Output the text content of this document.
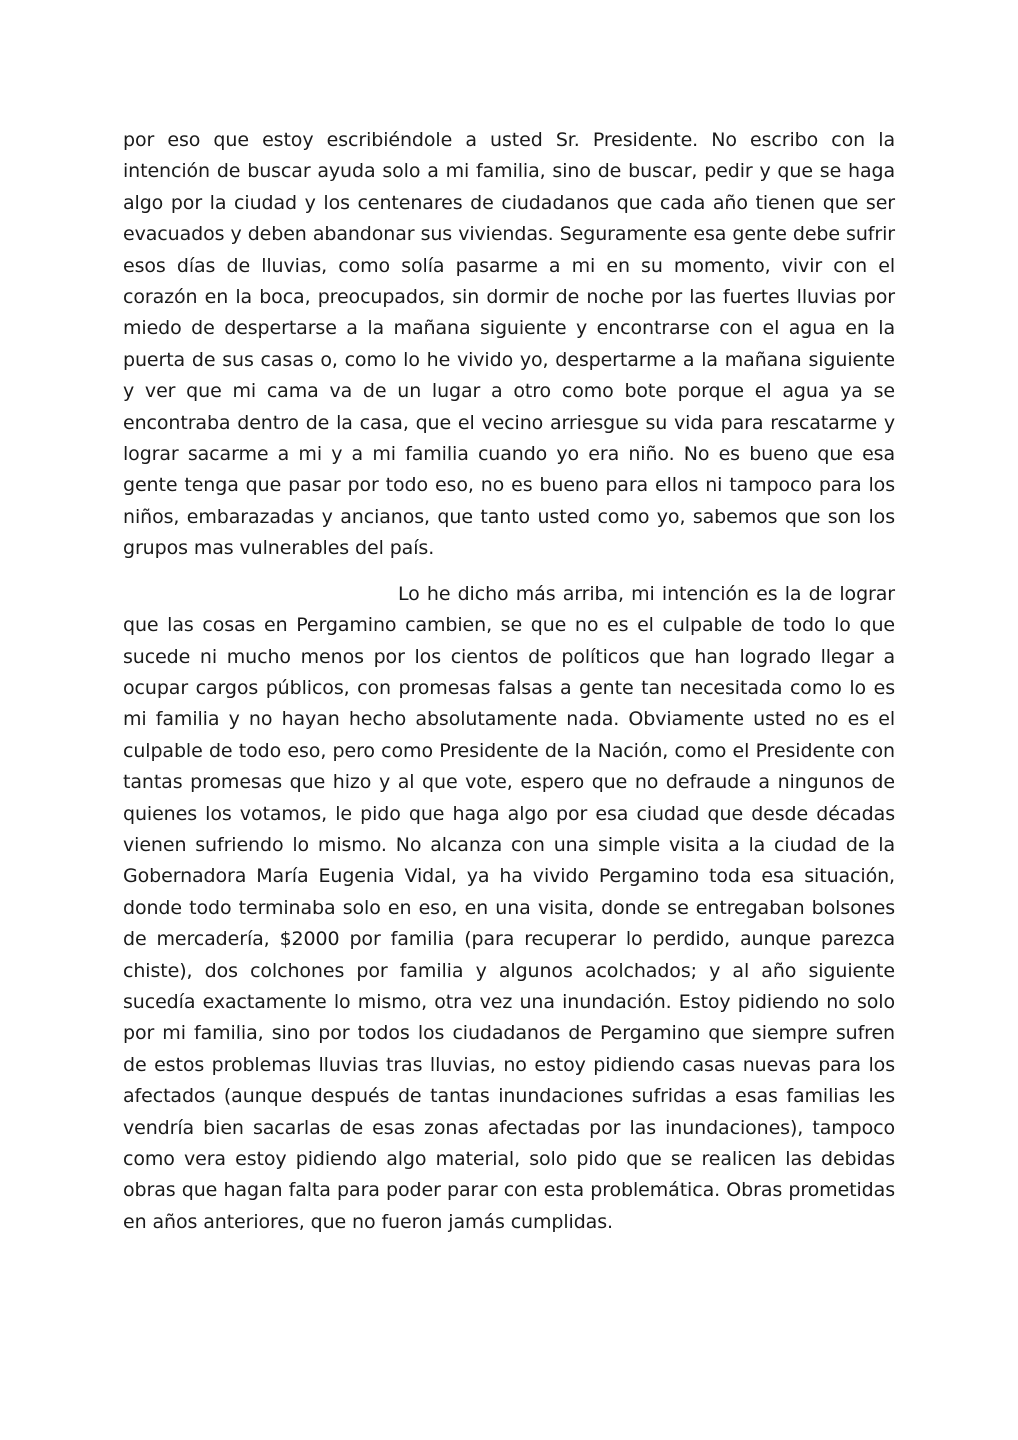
por eso que estoy escribiéndole a usted Sr. Presidente. No escribo con la intención de buscar ayuda solo a mi familia, sino de buscar, pedir y que se haga algo por la ciudad y los centenares de ciudadanos que cada año tienen que ser evacuados y deben abandonar sus viviendas. Seguramente esa gente debe sufrir esos días de lluvias, como solía pasarme a mi en su momento, vivir con el corazón en la boca, preocupados, sin dormir de noche por las fuertes lluvias por miedo de despertarse a la mañana siguiente y encontrarse con el agua en la puerta de sus casas o, como lo he vivido yo, despertarme a la mañana siguiente y ver que mi cama va de un lugar a otro como bote porque el agua ya se encontraba dentro de la casa, que el vecino arriesgue su vida para rescatarme y lograr sacarme a mi y a mi familia cuando yo era niño. No es bueno que esa gente tenga que pasar por todo eso, no es bueno para ellos ni tampoco para los niños, embarazadas y ancianos, que tanto usted como yo, sabemos que son los grupos mas vulnerables del país.

Lo he dicho más arriba, mi intención es la de lograr que las cosas en Pergamino cambien, se que no es el culpable de todo lo que sucede ni mucho menos por los cientos de políticos que han logrado llegar a ocupar cargos públicos, con promesas falsas a gente tan necesitada como lo es mi familia y no hayan hecho absolutamente nada. Obviamente usted no es el culpable de todo eso, pero como Presidente de la Nación, como el Presidente con tantas promesas que hizo y al que vote, espero que no defraude a ningunos de quienes los votamos, le pido que haga algo por esa ciudad que desde décadas vienen sufriendo lo mismo. No alcanza con una simple visita a la ciudad de la Gobernadora María Eugenia Vidal, ya ha vivido Pergamino toda esa situación, donde todo terminaba solo en eso, en una visita, donde se entregaban bolsones de mercadería, $2000 por familia (para recuperar lo perdido, aunque parezca chiste), dos colchones por familia y algunos acolchados; y al año siguiente sucedía exactamente lo mismo, otra vez una inundación. Estoy pidiendo no solo por mi familia, sino por todos los ciudadanos de Pergamino que siempre sufren de estos problemas lluvias tras lluvias, no estoy pidiendo casas nuevas para los afectados (aunque después de tantas inundaciones sufridas a esas familias les vendría bien sacarlas de esas zonas afectadas por las inundaciones), tampoco como vera estoy pidiendo algo material, solo pido que se realicen las debidas obras que hagan falta para poder parar con esta problemática. Obras prometidas en años anteriores, que no fueron jamás cumplidas.
